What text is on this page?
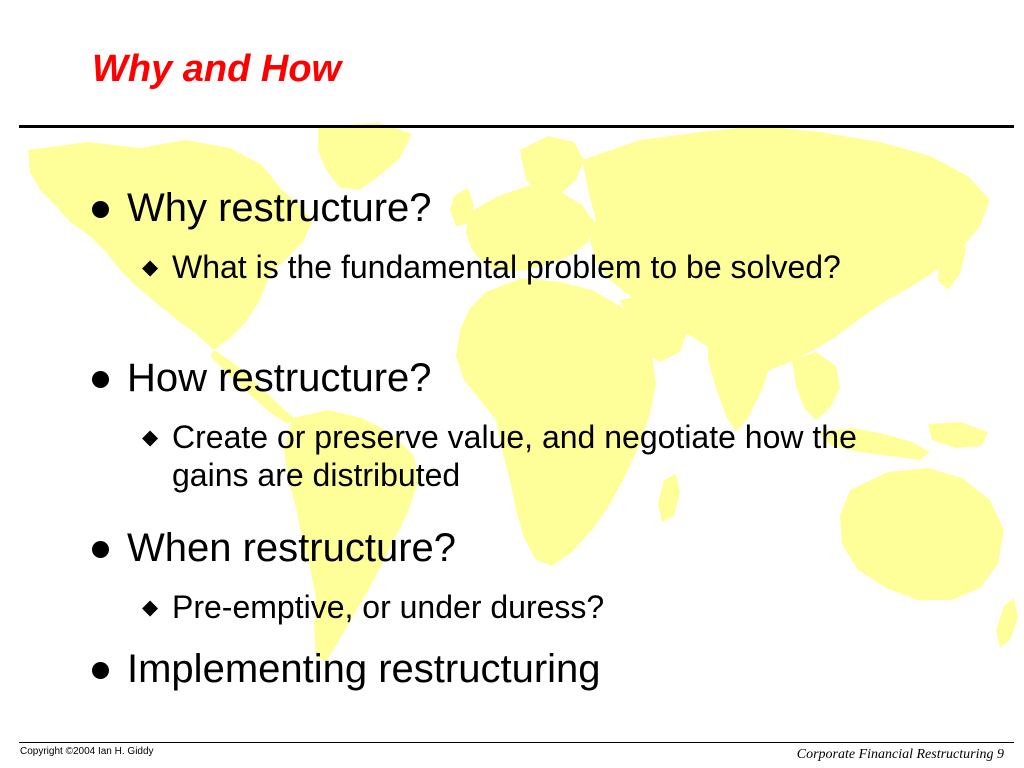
Why and How
Why restructure?
◆ What is the fundamental problem to be solved?
How restructure?
◆ Create or preserve value, and negotiate how the gains are distributed
When restructure?
◆ Pre-emptive, or under duress?
Implementing restructuring
Copyright ©2004 Ian H. Giddy	Corporate Financial Restructuring 9
